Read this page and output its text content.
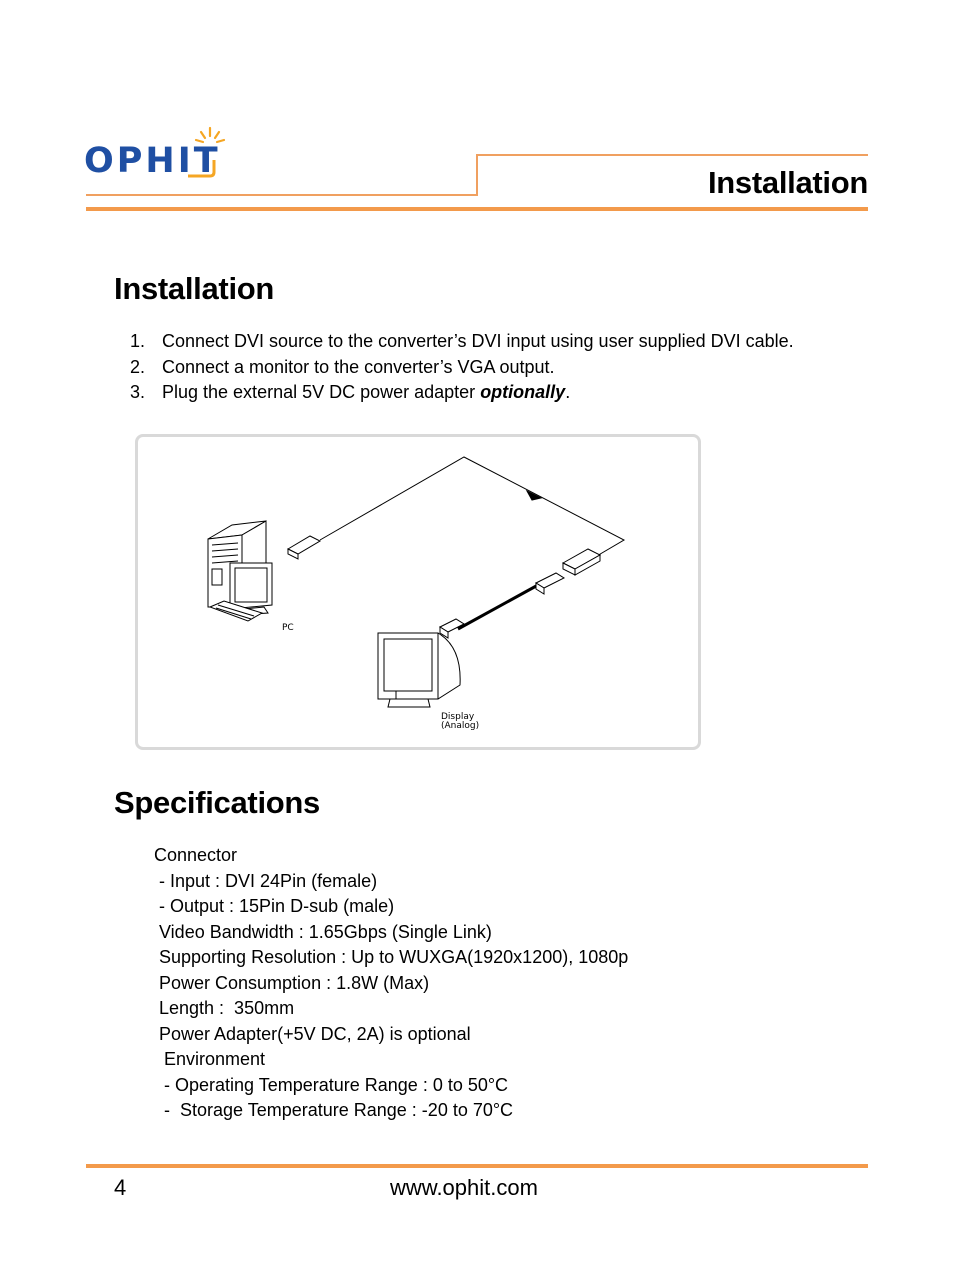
OPHIT
Installation
Installation
1. Connect DVI source to the converter’s DVI input using user supplied DVI cable.
2. Connect a monitor to the converter’s VGA output.
3. Plug the external 5V DC power adapter optionally.
PC
Display
(Analog)
Specifications
Connector
- Input : DVI 24Pin (female)
- Output : 15Pin D-sub (male)
Video Bandwidth : 1.65Gbps (Single Link)
Supporting Resolution : Up to WUXGA(1920x1200), 1080p
Power Consumption : 1.8W (Max)
Length :  350mm
Power Adapter(+5V DC, 2A) is optional
Environment
- Operating Temperature Range : 0 to 50°C
-  Storage Temperature Range : -20 to 70°C
4	www.ophit.com
